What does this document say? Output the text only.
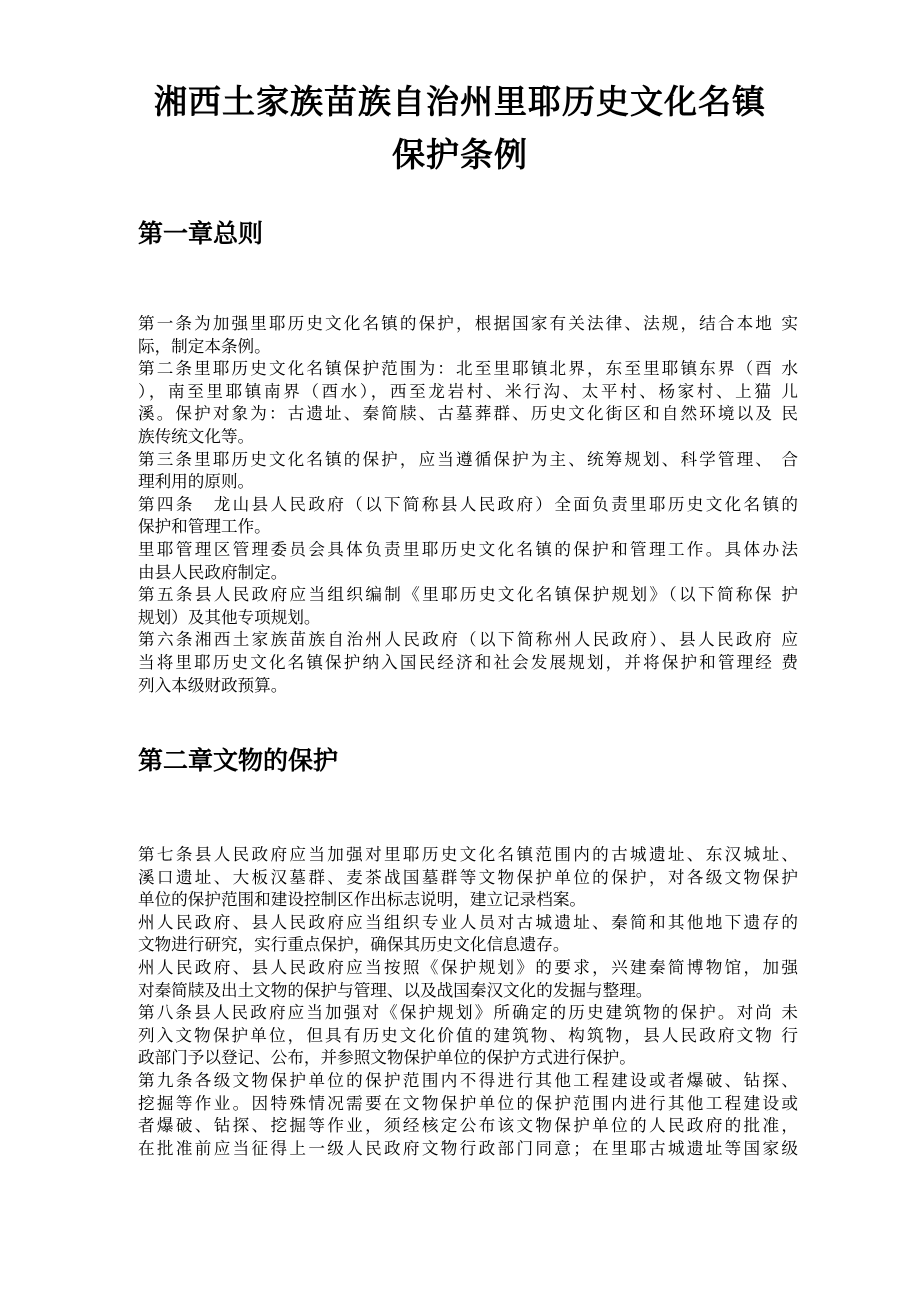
湘西土家族苗族自治州里耶历史文化名镇
保护条例
第一章总则
第一条为加强里耶历史文化名镇的保护，根据国家有关法律、法规，结合本地 实
际，制定本条例。
第二条里耶历史文化名镇保护范围为：北至里耶镇北界，东至里耶镇东界（酉 水
），南至里耶镇南界（酉水），西至龙岩村、米行沟、太平村、杨家村、上猫 儿
溪。保护对象为：古遗址、秦简牍、古墓葬群、历史文化街区和自然环境以及 民
族传统文化等。
第三条里耶历史文化名镇的保护，应当遵循保护为主、统筹规划、科学管理、 合
理利用的原则。
第四条　龙山县人民政府（以下简称县人民政府）全面负责里耶历史文化名镇的
保护和管理工作。
里耶管理区管理委员会具体负责里耶历史文化名镇的保护和管理工作。具体办法
由县人民政府制定。
第五条县人民政府应当组织编制《里耶历史文化名镇保护规划》（以下简称保 护
规划）及其他专项规划。
第六条湘西土家族苗族自治州人民政府（以下简称州人民政府）、县人民政府 应
当将里耶历史文化名镇保护纳入国民经济和社会发展规划，并将保护和管理经 费
列入本级财政预算。
第二章文物的保护
第七条县人民政府应当加强对里耶历史文化名镇范围内的古城遗址、东汉城址、
溪口遗址、大板汉墓群、麦茶战国墓群等文物保护单位的保护，对各级文物保护
单位的保护范围和建设控制区作出标志说明，建立记录档案。
州人民政府、县人民政府应当组织专业人员对古城遗址、秦简和其他地下遗存的
文物进行研究，实行重点保护，确保其历史文化信息遗存。
州人民政府、县人民政府应当按照《保护规划》的要求，兴建秦简博物馆，加强
对秦简牍及出土文物的保护与管理、以及战国秦汉文化的发掘与整理。
第八条县人民政府应当加强对《保护规划》所确定的历史建筑物的保护。对尚 未
列入文物保护单位，但具有历史文化价值的建筑物、构筑物，县人民政府文物 行
政部门予以登记、公布，并参照文物保护单位的保护方式进行保护。
第九条各级文物保护单位的保护范围内不得进行其他工程建设或者爆破、钻探、
挖掘等作业。因特殊情况需要在文物保护单位的保护范围内进行其他工程建设或
者爆破、钻探、挖掘等作业，须经核定公布该文物保护单位的人民政府的批准，
在批准前应当征得上一级人民政府文物行政部门同意；在里耶古城遗址等国家级
